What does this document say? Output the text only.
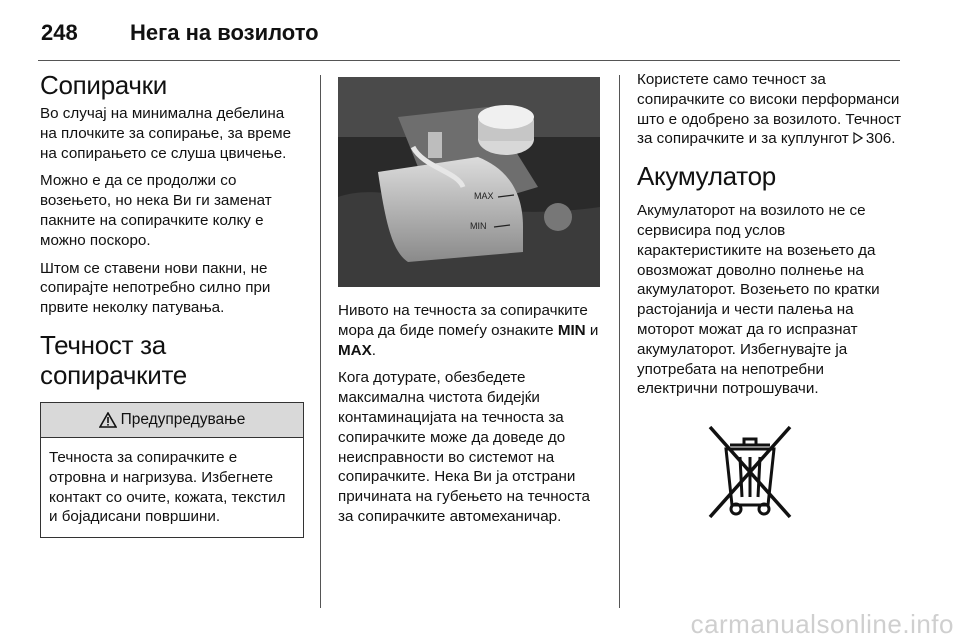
248 Нега на возилото
Сопирачки

Во случај на минимална дебелина на плочките за сопирање, за време на сопирањето се слуша цвичење.

Можно е да се продолжи со возењето, но нека Ви ги заменат пакните на сопирачките колку е можно поскоро.

Штом се ставени нови пакни, не сопирајте непотребно силно при првите неколку патувања.

Течност за сопирачките
Предупредување
Течноста за сопирачките е отровна и нагризува. Избегнете контакт со очите, кожата, текстил и бојадисани површини.
MAX
MIN

Нивото на течноста за сопирачките мора да биде помеѓу ознаките MIN и MAX.

Кога дотурате, обезбедете максимална чистота бидејќи контаминацијата на течноста за сопирачките може да доведе до неисправности во системот на сопирачките. Нека Ви ја отстрани причината на губењето на течноста за сопирачките автомеханичар.

Користете само течност за сопирачките со високи перформанси што е одобрено за возилото. Течност за сопирачките и за куплунгот 306.

Акумулатор

Акумулаторот на возилото не се сервисира под услов карактеристиките на возењето да овозможат доволно полнење на акумулаторот. Возењето по кратки растојанија и чести палења на моторот можат да го испразнат акумулаторот. Избегнувајте ја употребата на непотребни електрични потрошувачи.

carmanualsonline.info
